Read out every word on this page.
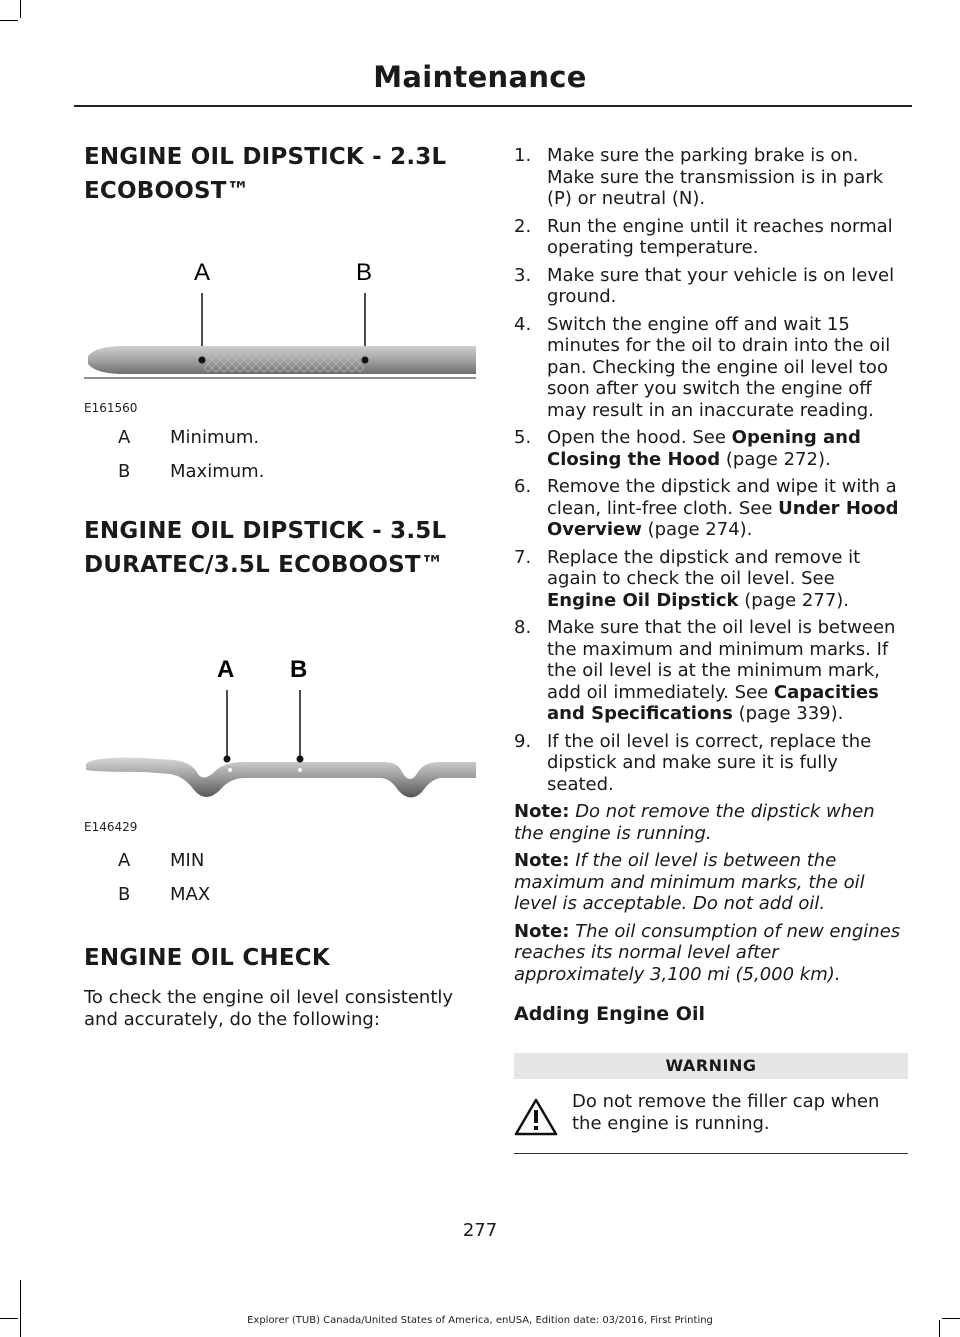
Maintenance
ENGINE OIL DIPSTICK - 2.3L
ECOBOOST™
A	B
E161560
A	Minimum.
B	Maximum.
ENGINE OIL DIPSTICK - 3.5L
DURATEC/3.5L ECOBOOST™
A B
E146429
A	MIN
B	MAX
ENGINE OIL CHECK

To check the engine oil level consistently and accurately, do the following:

1. Make sure the parking brake is on. Make sure the transmission is in park (P) or neutral (N).
2. Run the engine until it reaches normal operating temperature.
3. Make sure that your vehicle is on level ground.
4. Switch the engine off and wait 15 minutes for the oil to drain into the oil pan. Checking the engine oil level too soon after you switch the engine off may result in an inaccurate reading.
5. Open the hood. See Opening and Closing the Hood (page 272).
6. Remove the dipstick and wipe it with a clean, lint-free cloth. See Under Hood Overview (page 274).
7. Replace the dipstick and remove it again to check the oil level. See Engine Oil Dipstick (page 277).
8. Make sure that the oil level is between the maximum and minimum marks. If the oil level is at the minimum mark, add oil immediately. See Capacities and Specifications (page 339).
9. If the oil level is correct, replace the dipstick and make sure it is fully seated.
Note: Do not remove the dipstick when the engine is running.
Note: If the oil level is between the maximum and minimum marks, the oil level is acceptable. Do not add oil.
Note: The oil consumption of new engines reaches its normal level after approximately 3,100 mi (5,000 km).
Adding Engine Oil
WARNING
Do not remove the filler cap when the engine is running.
277
Explorer (TUB) Canada/United States of America, enUSA, Edition date: 03/2016, First Printing
